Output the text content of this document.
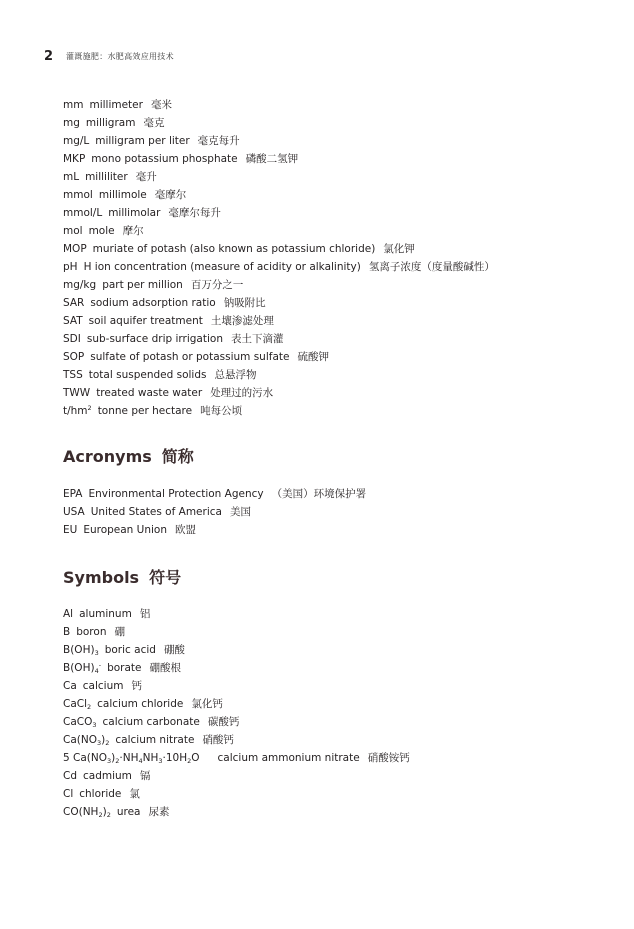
2	灌溉施肥：水肥高效应用技术
mm millimeter 毫米
mg milligram 毫克
mg/L milligram per liter 毫克每升
MKP mono potassium phosphate 磷酸二氢钾
mL milliliter 毫升
mmol millimole 毫摩尔
mmol/L millimolar 毫摩尔每升
mol mole 摩尔
MOP muriate of potash (also known as potassium chloride) 氯化钾
pH H ion concentration (measure of acidity or alkalinity) 氢离子浓度（度量酸碱性）
mg/kg part per million 百万分之一
SAR sodium adsorption ratio 钠吸附比
SAT soil aquifer treatment 土壤渗滤处理
SDI sub-surface drip irrigation 表土下滴灌
SOP sulfate of potash or potassium sulfate 硫酸钾
TSS total suspended solids 总悬浮物
TWW treated waste water 处理过的污水
$t/hm^2$ tonne per hectare 吨每公顷
Acronyms 简称
EPA Environmental Protection Agency （美国）环境保护署
USA United States of America 美国
EU European Union 欧盟
Symbols 符号
Al aluminum 铝
B boron 硼
$B(OH)_3$ boric acid 硼酸
$B(OH)_4^-$ borate 硼酸根
Ca calcium 钙
CaCl$_2$ calcium chloride 氯化钙
CaCO$_3$ calcium carbonate 碳酸钙
$Ca(NO_3)_2$ calcium nitrate 硝酸钙
5 $Ca(NO_3)_2\cdot NH_4NH_3\cdot 10H_2O$ calcium ammonium nitrate 硝酸铵钙
Cd cadmium 镉
Cl chloride 氯
$CO(NH_2)_2$ urea 尿素
